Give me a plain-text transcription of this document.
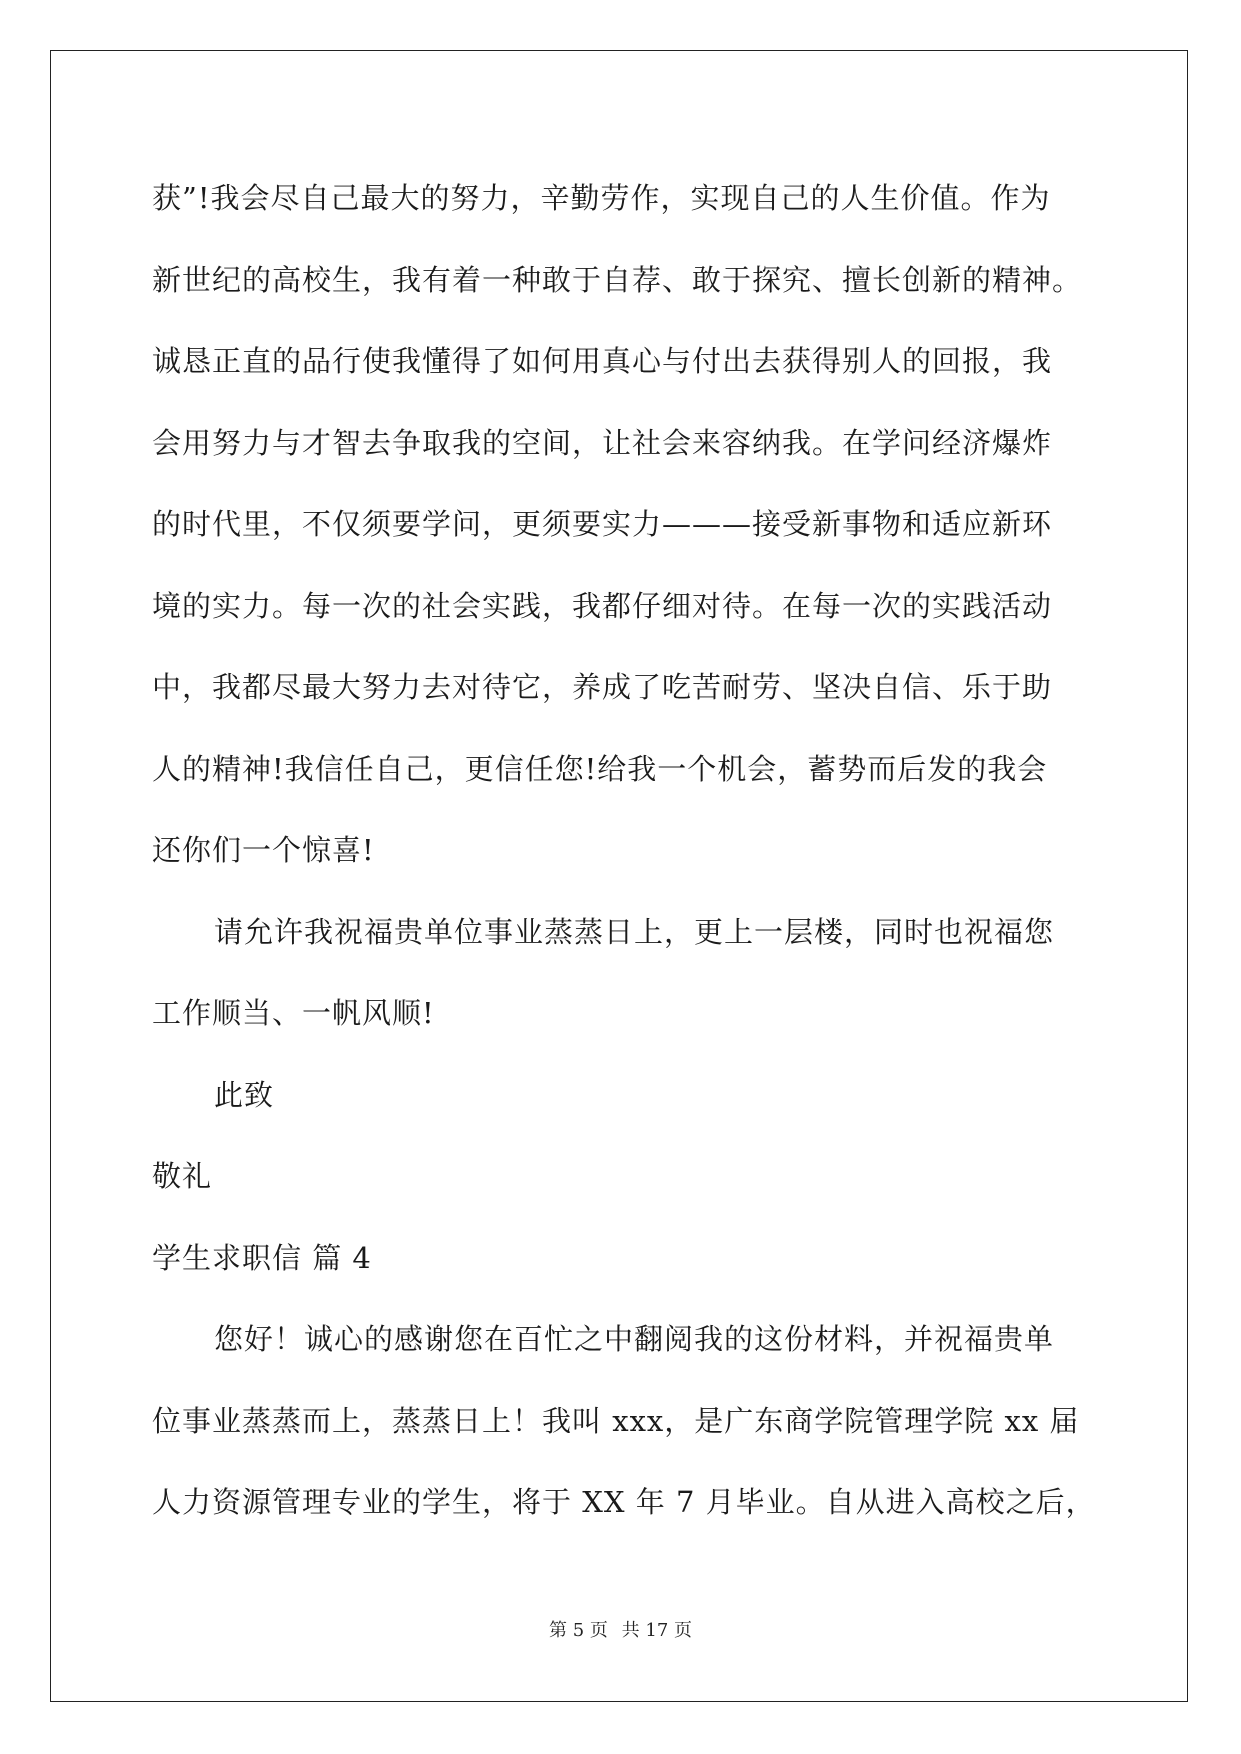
获”!我会尽自己最大的努力，辛勤劳作，实现自己的人生价值。作为
新世纪的高校生，我有着一种敢于自荐、敢于探究、擅长创新的精神。
诚恳正直的品行使我懂得了如何用真心与付出去获得别人的回报，我
会用努力与才智去争取我的空间，让社会来容纳我。在学问经济爆炸
的时代里，不仅须要学问，更须要实力———接受新事物和适应新环
境的实力。每一次的社会实践，我都仔细对待。在每一次的实践活动
中，我都尽最大努力去对待它，养成了吃苦耐劳、坚决自信、乐于助
人的精神!我信任自己，更信任您!给我一个机会，蓄势而后发的我会
还你们一个惊喜!
请允许我祝福贵单位事业蒸蒸日上，更上一层楼，同时也祝福您
工作顺当、一帆风顺!
此致
敬礼
学生求职信 篇 4
您好！诚心的感谢您在百忙之中翻阅我的这份材料，并祝福贵单
位事业蒸蒸而上，蒸蒸日上！我叫 xxx，是广东商学院管理学院 xx 届
人力资源管理专业的学生，将于 XX 年 7 月毕业。自从进入高校之后，
第 5 页 共 17 页
